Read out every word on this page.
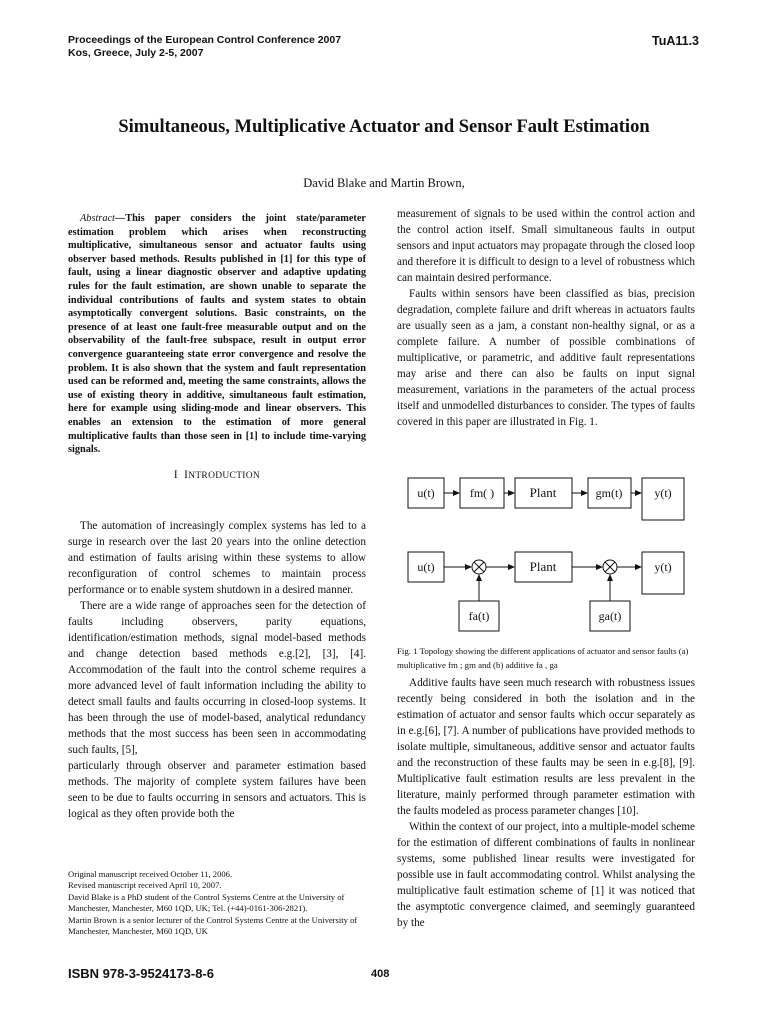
Proceedings of the European Control Conference 2007
Kos, Greece, July 2-5, 2007
TuA11.3
Simultaneous, Multiplicative Actuator and Sensor Fault Estimation
David Blake and Martin Brown,
Abstract—This paper considers the joint state/parameter estimation problem which arises when reconstructing multiplicative, simultaneous sensor and actuator faults using observer based methods. Results published in [1] for this type of fault, using a linear diagnostic observer and adaptive updating rules for the fault estimation, are shown unable to separate the individual contributions of faults and system states to obtain asymptotically convergent solutions. Basic constraints, on the presence of at least one fault-free measurable output and on the observability of the fault-free subspace, result in output error convergence guaranteeing state error convergence and resolve the problem. It is also shown that the system and fault representation used can be reformed and, meeting the same constraints, allows the use of existing theory in additive, simultaneous fault estimation, here for example using sliding-mode and linear observers. This enables an extension to the estimation of more general multiplicative faults than those seen in [1] to include time-varying signals.
I INTRODUCTION

The automation of increasingly complex systems has led to a surge in research over the last 20 years into the online detection and estimation of faults arising within these systems to allow reconfiguration of control schemes to maintain process performance or to enable system shutdown in a desired manner.

There are a wide range of approaches seen for the detection of faults including observers, parity equations, identification/estimation methods, signal model-based methods and change detection based methods e.g.[2], [3], [4]. Accommodation of the fault into the control scheme requires a more advanced level of fault information including the ability to detect small faults and faults occurring in closed-loop systems. It has been through the use of model-based, analytical redundancy methods that the most success has been seen in accommodating such faults, [5],

particularly through observer and parameter estimation based methods. The majority of complete system failures have been seen to be due to faults occurring in sensors and actuators. This is logical as they often provide both the

Original manuscript received October 11, 2006.
Revised manuscript received April 10, 2007.
David Blake is a PhD student of the Control Systems Centre at the University of Manchester, Manchester, M60 1QD, UK; Tel. (+44)-0161-306-2821).
Martin Brown is a senior lecturer of the Control Systems Centre at the University of Manchester, Manchester, M60 1QD, UK

measurement of signals to be used within the control action and the control action itself. Small simultaneous faults in output sensors and input actuators may propagate through the closed loop and therefore it is difficult to design to a level of robustness which can maintain desired performance.

Faults within sensors have been classified as bias, precision degradation, complete failure and drift whereas in actuators faults are usually seen as a jam, a constant non-healthy signal, or as a complete failure. A number of possible combinations of multiplicative, or parametric, and additive fault representations may arise and there can also be faults on input signal measurement, variations in the parameters of the actual process itself and unmodelled disturbances to consider. The types of faults covered in this paper are illustrated in Fig. 1.

u(t)	fm( )	Plant	gm(t)	y(t)
u(t)	Plant	y(t)
fa(t)	ga(t)
Fig. 1 Topology showing the different applications of actuator and sensor faults (a) multiplicative fm ; gm and (b) additive fa , ga

Additive faults have seen much research with robustness issues recently being considered in both the isolation and in the estimation of actuator and sensor faults which occur separately as in e.g.[6], [7]. A number of publications have provided methods to isolate multiple, simultaneous, additive sensor and actuator faults and the reconstruction of these faults may be seen in e.g.[8], [9]. Multiplicative fault estimation results are less prevalent in the literature, mainly performed through parameter estimation with the faults modeled as process parameter changes [10].

Within the context of our project, into a multiple-model scheme for the estimation of different combinations of faults in nonlinear systems, some published linear results were investigated for possible use in fault accommodating control. Whilst analysing the multiplicative fault estimation scheme of [1] it was noticed that the asymptotic convergence claimed, and seemingly guaranteed by the

ISBN 978-3-9524173-8-6	408
